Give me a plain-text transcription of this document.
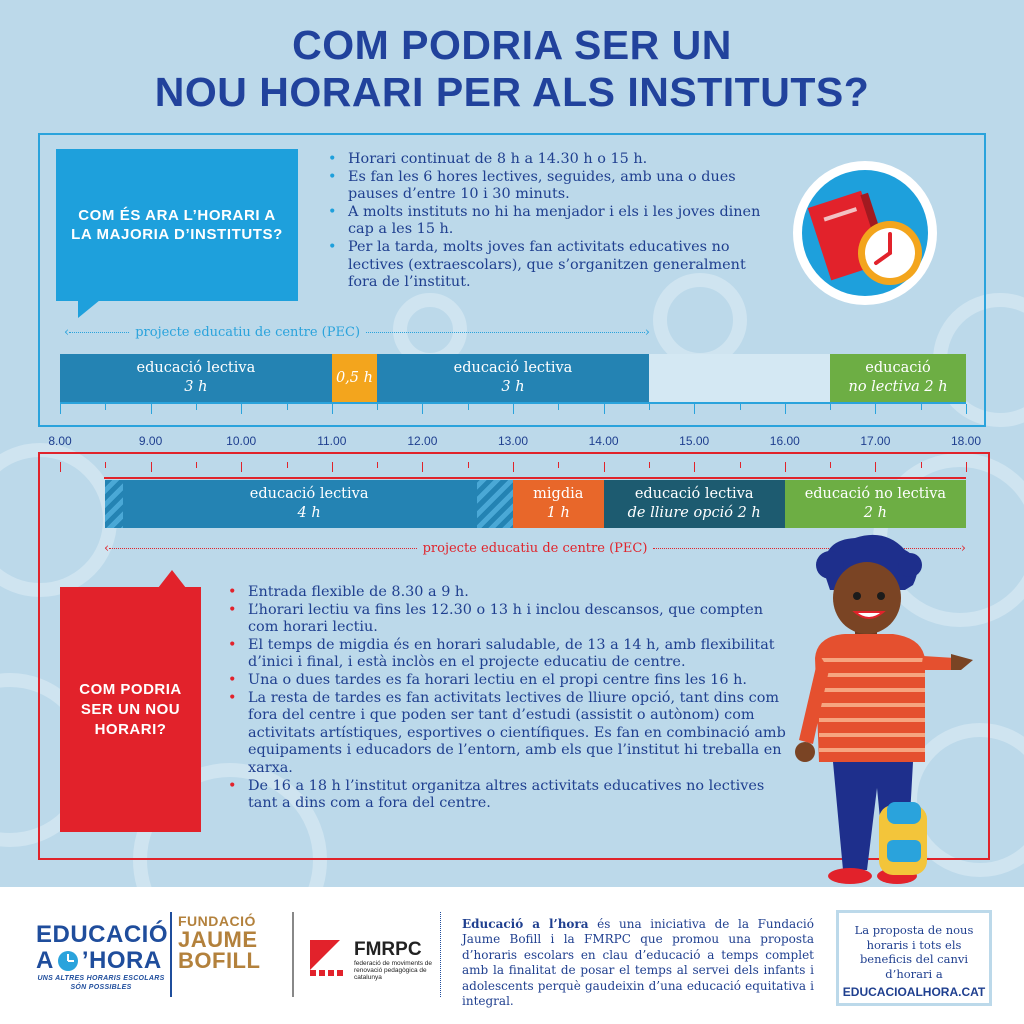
COM PODRIA SER UN
NOU HORARI PER ALS INSTITUTS?
COM ÉS ARA L’HORARI A LA MAJORIA D’INSTITUTS?
• Horari continuat de 8 h a 14.30 h o 15 h.
• Es fan les 6 hores lectives, seguides, amb una o dues pauses d’entre 10 i 30 minuts.
• A molts instituts no hi ha menjador i els i les joves dinen cap a les 15 h.
• Per la tarda, molts joves fan activitats educatives no lectives (extraescolars), que s’organitzen generalment fora de l’institut.
‹	projecte educatiu de centre (PEC)	›
educació lectiva
3 h
0,5 h
educació lectiva
3 h
educació
no lectiva 2 h
8.00	9.00	10.00	11.00	12.00	13.00	14.00	15.00	16.00	17.00	18.00
educació lectiva
4 h
migdia
1 h
educació lectiva
de lliure opció 2 h
educació no lectiva
2 h
‹	projecte educatiu de centre (PEC)	›
COM PODRIA SER UN NOU HORARI?
• Entrada flexible de 8.30 a 9 h.
• L’horari lectiu va fins les 12.30 o 13 h i inclou descansos, que compten com horari lectiu.
• El temps de migdia és en horari saludable, de 13 a 14 h, amb flexibilitat d’inici i final, i està inclòs en el projecte educatiu de centre.
• Una o dues tardes es fa horari lectiu en el propi centre fins les 16 h.
• La resta de tardes es fan activitats lectives de lliure opció, tant dins com fora del centre i que poden ser tant d’estudi (assistit o autònom) com activitats artístiques, esportives o científiques. Es fan en combinació amb equipaments i educadors de l’entorn, amb els que l’institut hi treballa en xarxa.
• De 16 a 18 h l’institut organitza altres activitats educatives no lectives tant a dins com a fora del centre.
EDUCACIÓ
A ’HORA
UNS ALTRES HORARIS ESCOLARS SÓN POSSIBLES
FUNDACIÓ
JAUME
BOFILL	FMRPC
federació de moviments de renovació pedagògica de catalunya
Educació a l’hora és una iniciativa de la Fundació Jaume Bofill i la FMRPC que promou una proposta d’horaris escolars en clau d’educació a temps complet amb la finalitat de posar el temps al servei dels infants i adolescents perquè gaudeixin d’una educació equitativa i integral.
La proposta de nous horaris i tots els beneficis del canvi d’horari a
EDUCACIOALHORA.CAT
